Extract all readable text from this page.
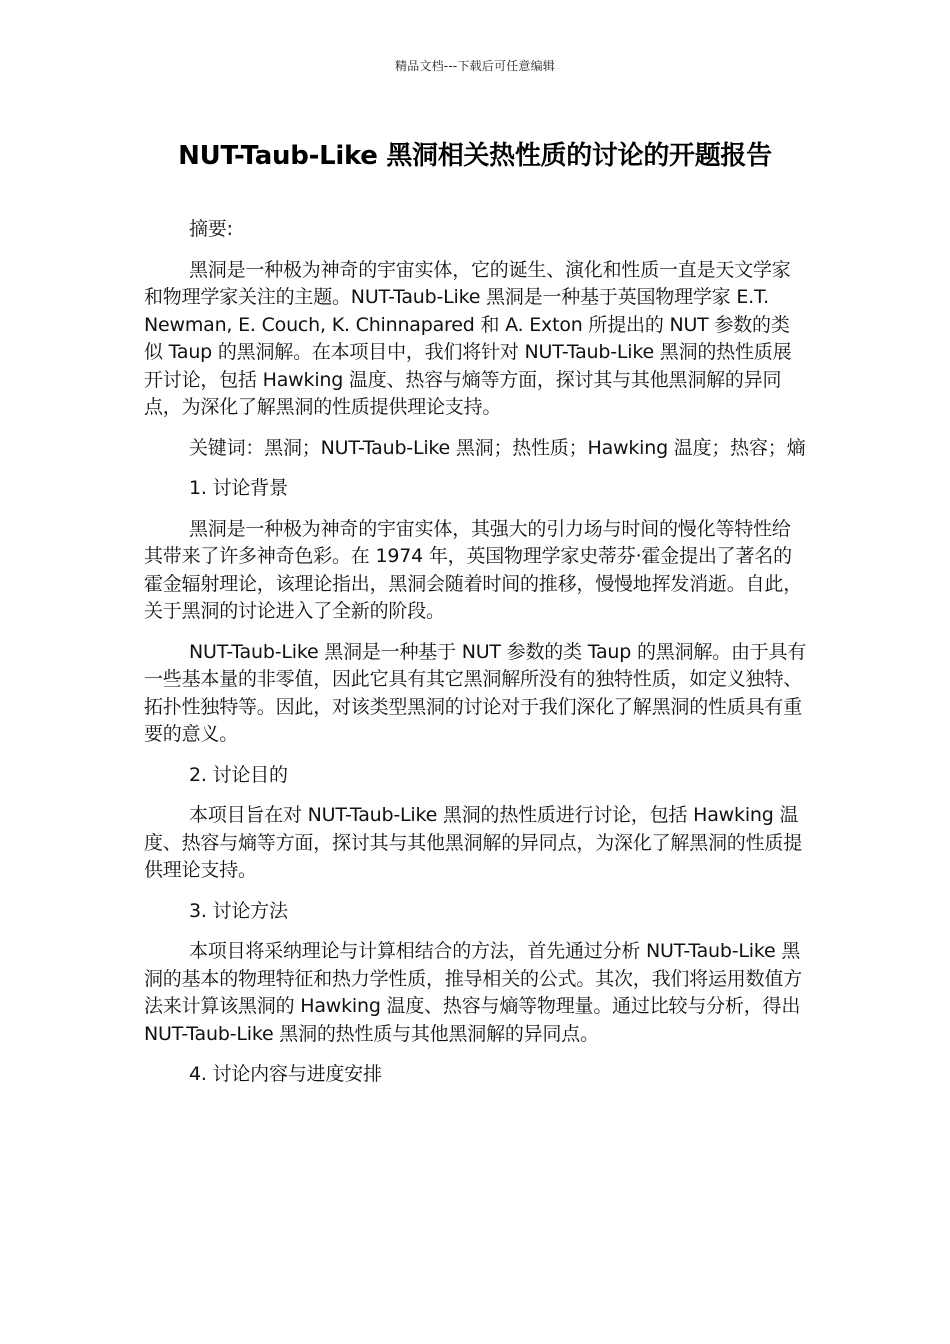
精品文档---下载后可任意编辑
NUT-Taub-Like 黑洞相关热性质的讨论的开题报告

摘要:

黑洞是一种极为神奇的宇宙实体，它的诞生、演化和性质一直是天文学家和物理学家关注的主题。NUT-Taub-Like 黑洞是一种基于英国物理学家 E.T. Newman, E. Couch, K. Chinnapared 和 A. Exton 所提出的 NUT 参数的类似 Taup 的黑洞解。在本项目中，我们将针对 NUT-Taub-Like 黑洞的热性质展开讨论，包括 Hawking 温度、热容与熵等方面，探讨其与其他黑洞解的异同点，为深化了解黑洞的性质提供理论支持。

关键词：黑洞；NUT-Taub-Like 黑洞；热性质；Hawking 温度；热容；熵

1. 讨论背景

黑洞是一种极为神奇的宇宙实体，其强大的引力场与时间的慢化等特性给其带来了许多神奇色彩。在 1974 年，英国物理学家史蒂芬·霍金提出了著名的霍金辐射理论，该理论指出，黑洞会随着时间的推移，慢慢地挥发消逝。自此，关于黑洞的讨论进入了全新的阶段。

NUT-Taub-Like 黑洞是一种基于 NUT 参数的类 Taup 的黑洞解。由于具有一些基本量的非零值，因此它具有其它黑洞解所没有的独特性质，如定义独特、拓扑性独特等。因此，对该类型黑洞的讨论对于我们深化了解黑洞的性质具有重要的意义。

2. 讨论目的

本项目旨在对 NUT-Taub-Like 黑洞的热性质进行讨论，包括 Hawking 温度、热容与熵等方面，探讨其与其他黑洞解的异同点，为深化了解黑洞的性质提供理论支持。

3. 讨论方法

本项目将采纳理论与计算相结合的方法，首先通过分析 NUT-Taub-Like 黑洞的基本的物理特征和热力学性质，推导相关的公式。其次，我们将运用数值方法来计算该黑洞的 Hawking 温度、热容与熵等物理量。通过比较与分析，得出 NUT-Taub-Like 黑洞的热性质与其他黑洞解的异同点。

4. 讨论内容与进度安排
